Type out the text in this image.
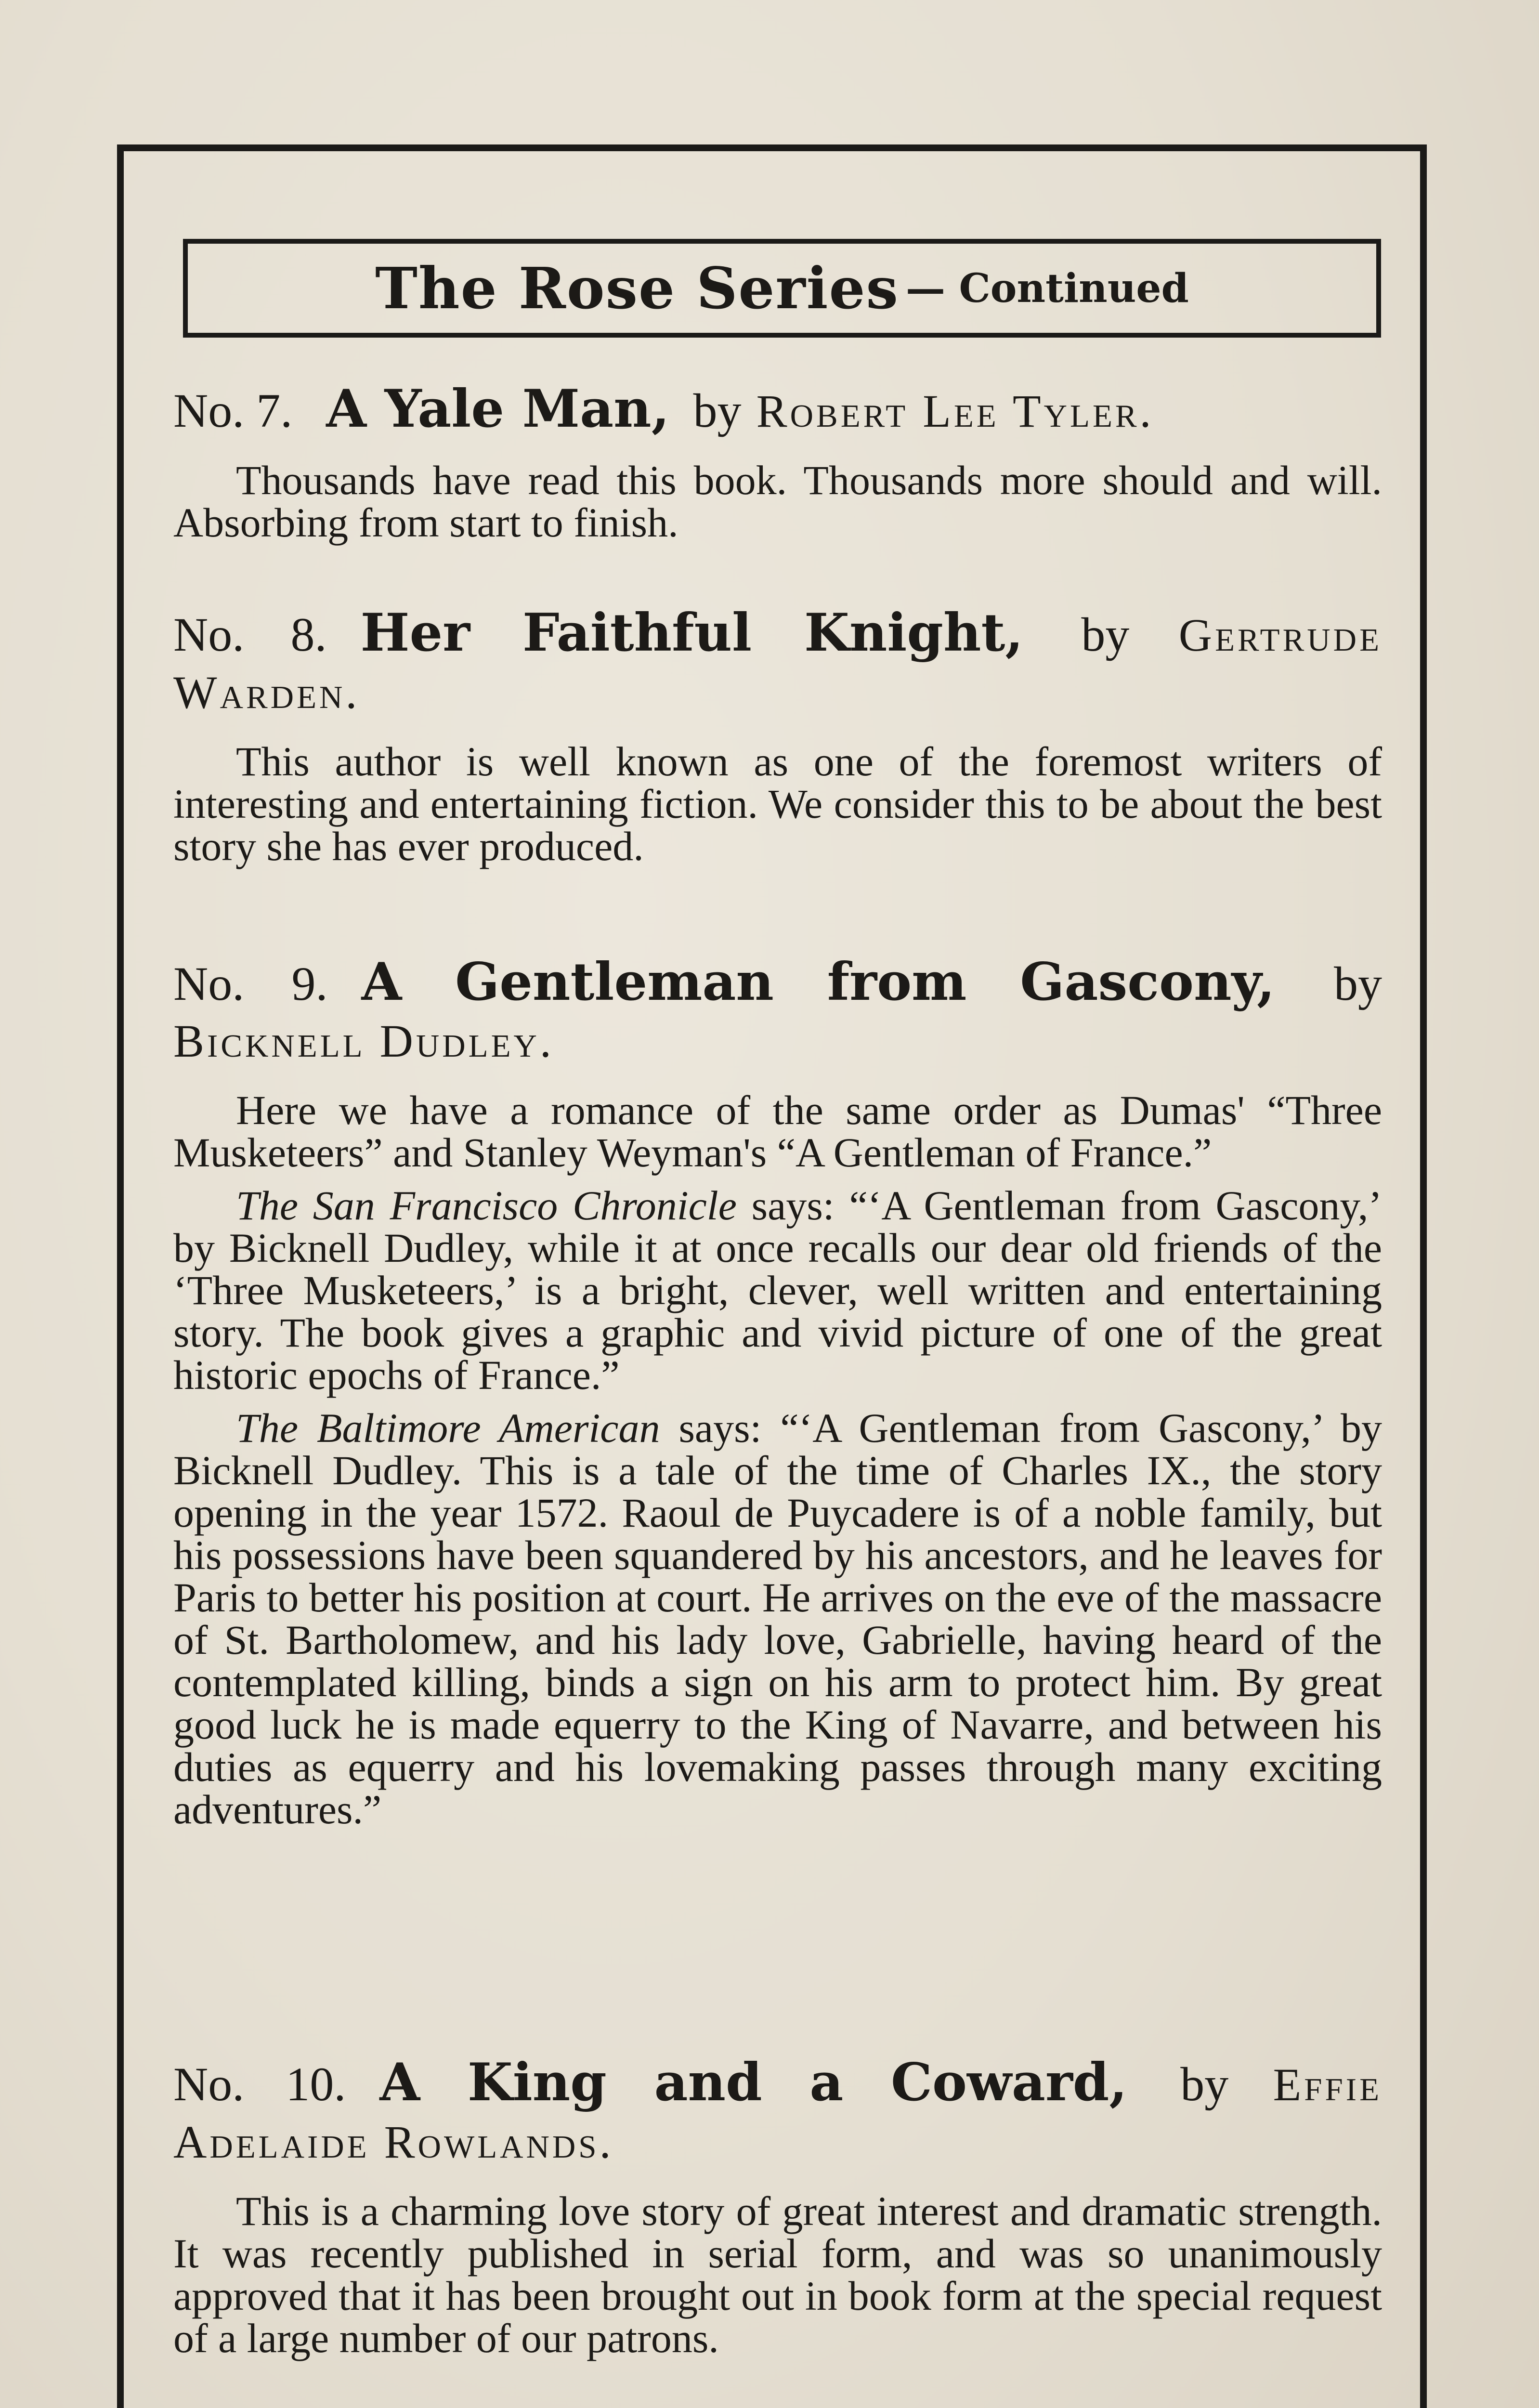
The Rose Series — Continued
No. 7. A Yale Man, by Robert Lee Tyler.

Thousands have read this book. Thousands more should and will. Absorbing from start to finish.

No. 8. Her Faithful Knight, by Gertrude Warden.

This author is well known as one of the foremost writers of interesting and entertaining fiction. We consider this to be about the best story she has ever produced.

No. 9. A Gentleman from Gascony, by Bicknell Dudley.

Here we have a romance of the same order as Dumas' “Three Musketeers” and Stanley Weyman's “A Gentleman of France.”

The San Francisco Chronicle says: “‘A Gentleman from Gascony,’ by Bicknell Dudley, while it at once recalls our dear old friends of the ‘Three Musketeers,’ is a bright, clever, well written and entertaining story. The book gives a graphic and vivid picture of one of the great historic epochs of France.”

The Baltimore American says: “‘A Gentleman from Gascony,’ by Bicknell Dudley. This is a tale of the time of Charles IX., the story opening in the year 1572. Raoul de Puycadere is of a noble family, but his possessions have been squandered by his ancestors, and he leaves for Paris to better his position at court. He arrives on the eve of the massacre of St. Bartholomew, and his lady love, Gabrielle, having heard of the contemplated killing, binds a sign on his arm to protect him. By great good luck he is made equerry to the King of Navarre, and between his duties as equerry and his lovemaking passes through many exciting adventures.”

No. 10. A King and a Coward, by Effie Adelaide Rowlands.

This is a charming love story of great interest and dramatic strength. It was recently published in serial form, and was so unanimously approved that it has been brought out in book form at the special request of a large number of our patrons.
